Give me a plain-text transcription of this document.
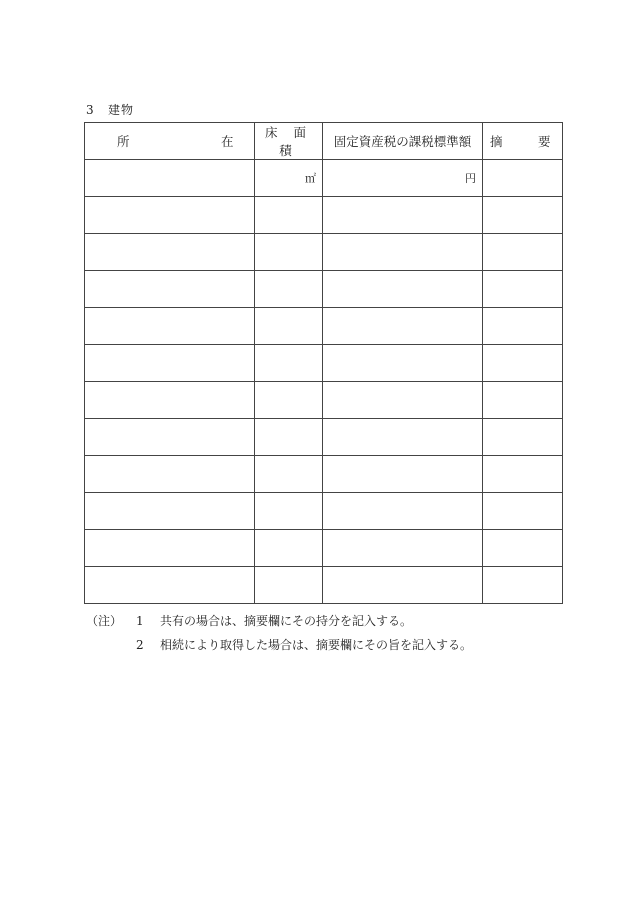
3 建物
所 在	床 面 積	固定資産税の課税標準額	摘 要
	㎡	円	

（注）	1	共有の場合は、摘要欄にその持分を記入する。
2	相続により取得した場合は、摘要欄にその旨を記入する。
